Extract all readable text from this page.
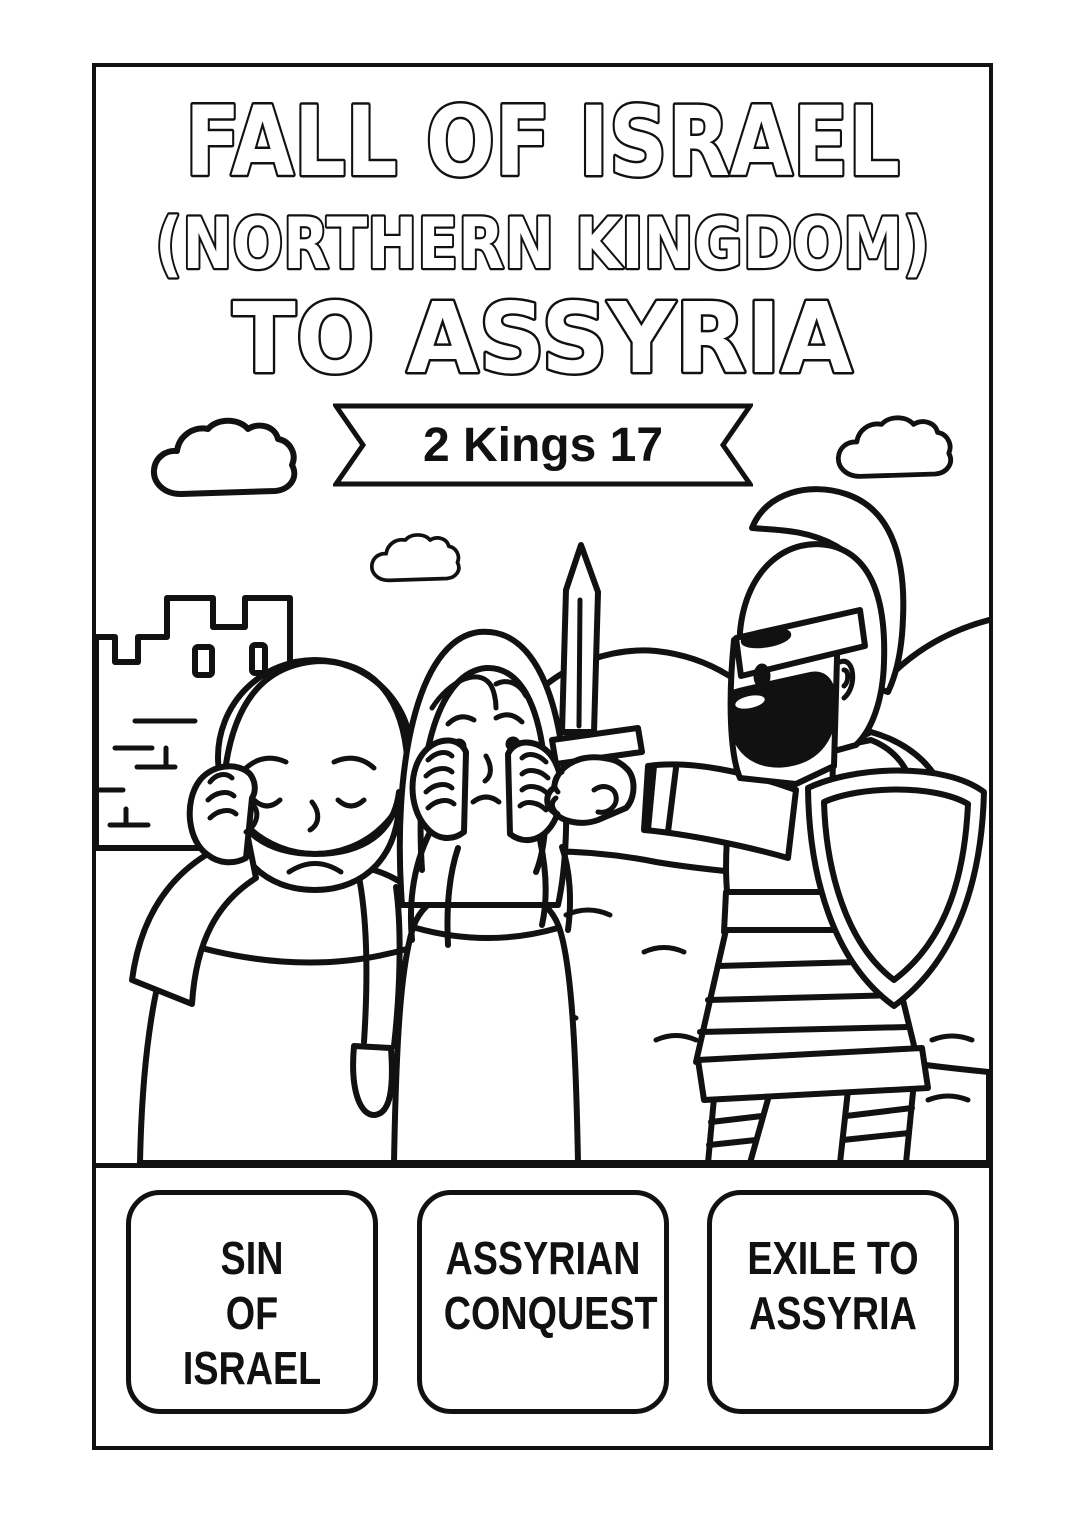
FALL OF ISRAEL
(NORTHERN KINGDOM)
TO ASSYRIA
2 Kings 17
SIN
OF
ISRAEL
ASSYRIAN
CONQUEST
EXILE TO
ASSYRIA
